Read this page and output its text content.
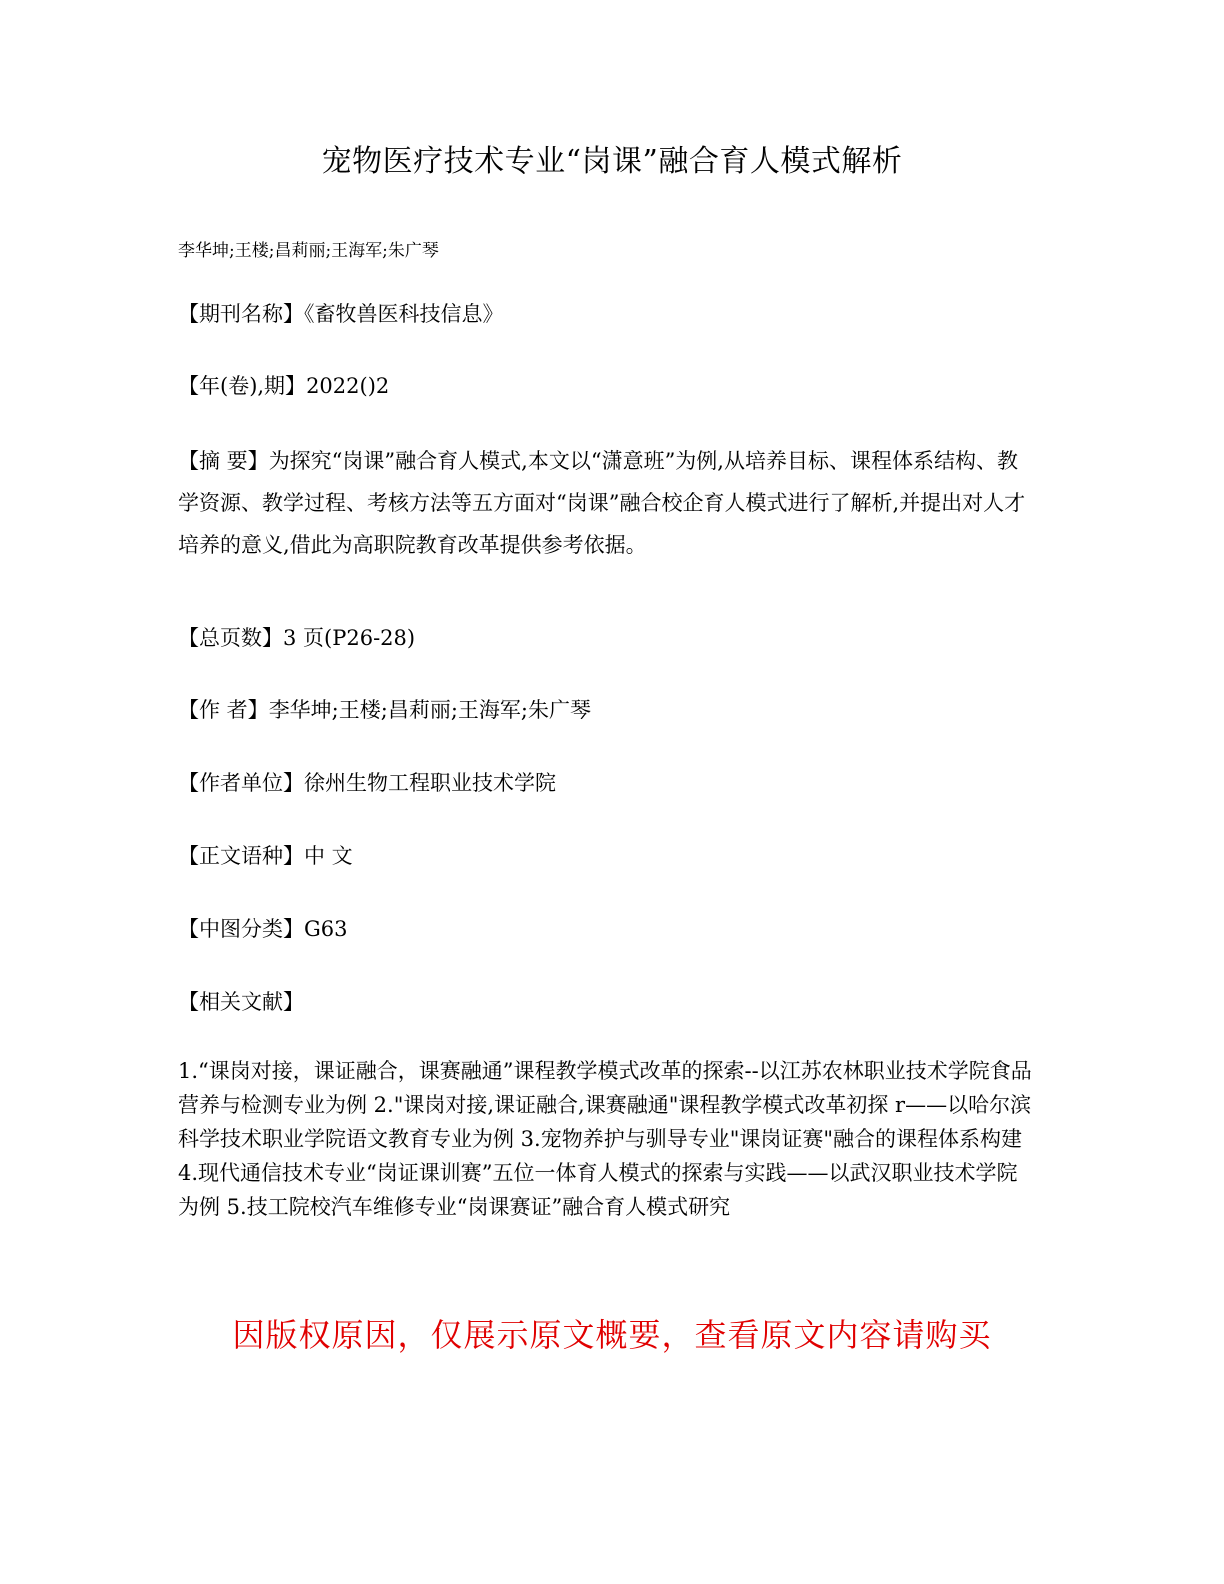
宠物医疗技术专业“岗课”融合育人模式解析
李华坤;王楼;昌莉丽;王海军;朱广琴
【期刊名称】《畜牧兽医科技信息》
【年(卷),期】2022()2
【摘 要】为探究“岗课”融合育人模式,本文以“潇意班”为例,从培养目标、课程体系结构、教学资源、教学过程、考核方法等五方面对“岗课”融合校企育人模式进行了解析,并提出对人才培养的意义,借此为高职院教育改革提供参考依据。
【总页数】3 页(P26-28)
【作 者】李华坤;王楼;昌莉丽;王海军;朱广琴
【作者单位】徐州生物工程职业技术学院
【正文语种】中 文
【中图分类】G63
【相关文献】
1.“课岗对接，课证融合，课赛融通”课程教学模式改革的探索--以江苏农林职业技术学院食品营养与检测专业为例 2."课岗对接,课证融合,课赛融通"课程教学模式改革初探 r——以哈尔滨科学技术职业学院语文教育专业为例 3.宠物养护与驯导专业"课岗证赛"融合的课程体系构建 4.现代通信技术专业“岗证课训赛”五位一体育人模式的探索与实践——以武汉职业技术学院为例 5.技工院校汽车维修专业“岗课赛证”融合育人模式研究
因版权原因，仅展示原文概要，查看原文内容请购买
